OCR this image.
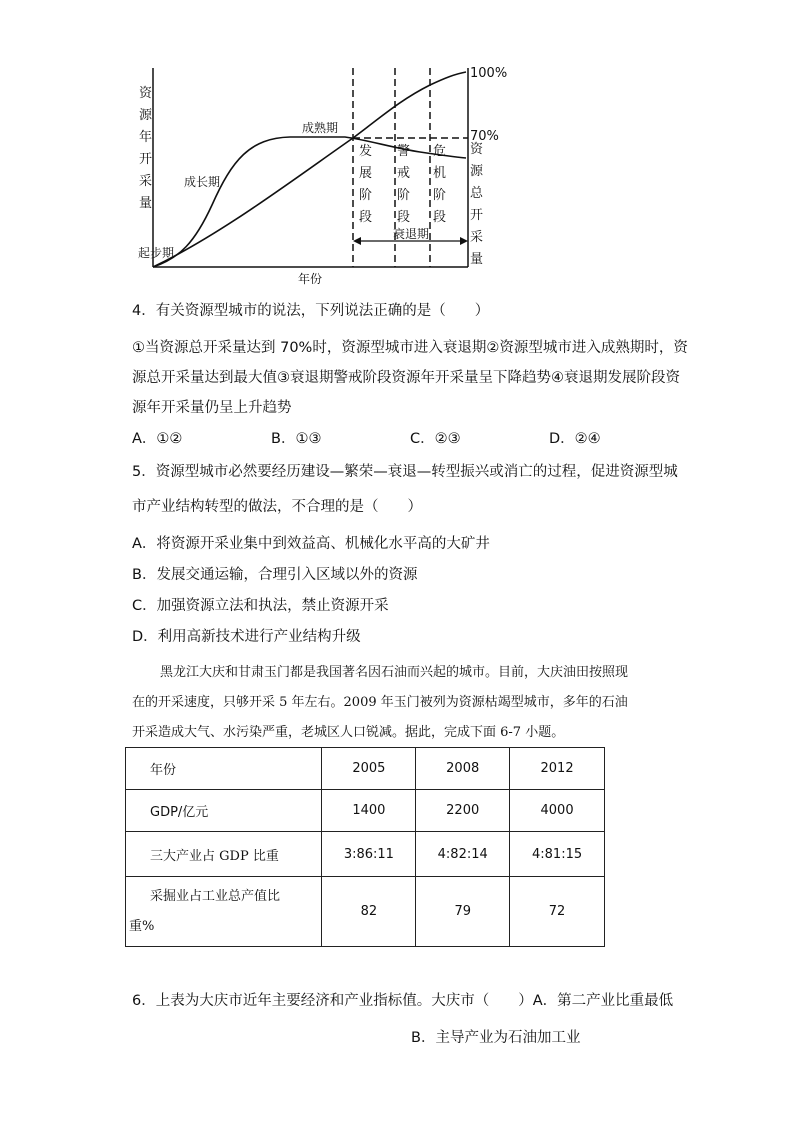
资
源
年
开
采
量
资
源
总
开
采
量
100%
70%
起步期
成长期
成熟期
衰退期
年份
发
展
阶
段
警
戒
阶
段
危
机
阶
段
4．有关资源型城市的说法，下列说法正确的是（　　）
①当资源总开采量达到 70%时，资源型城市进入衰退期②资源型城市进入成熟期时，资
源总开采量达到最大值③衰退期警戒阶段资源年开采量呈下降趋势④衰退期发展阶段资
源年开采量仍呈上升趋势
A．①②	B．①③	C．②③	D．②④
5．资源型城市必然要经历建设—繁荣—衰退—转型振兴或消亡的过程，促进资源型城
市产业结构转型的做法，不合理的是（　　）
A．将资源开采业集中到效益高、机械化水平高的大矿井
B．发展交通运输，合理引入区域以外的资源
C．加强资源立法和执法，禁止资源开采
D．利用高新技术进行产业结构升级
黑龙江大庆和甘肃玉门都是我国著名因石油而兴起的城市。目前，大庆油田按照现
在的开采速度，只够开采 5 年左右。2009 年玉门被列为资源枯竭型城市，多年的石油
开采造成大气、水污染严重，老城区人口锐减。据此，完成下面 6-7 小题。
年份	2005	2008	2012
GDP/亿元	1400	2200	4000
三大产业占 GDP 比重	3:86:11	4:82:14	4:81:15

采掘业占工业总产值比
重%	82	79	72
6．上表为大庆市近年主要经济和产业指标值。大庆市（　　）A．第二产业比重最低
B．主导产业为石油加工业
